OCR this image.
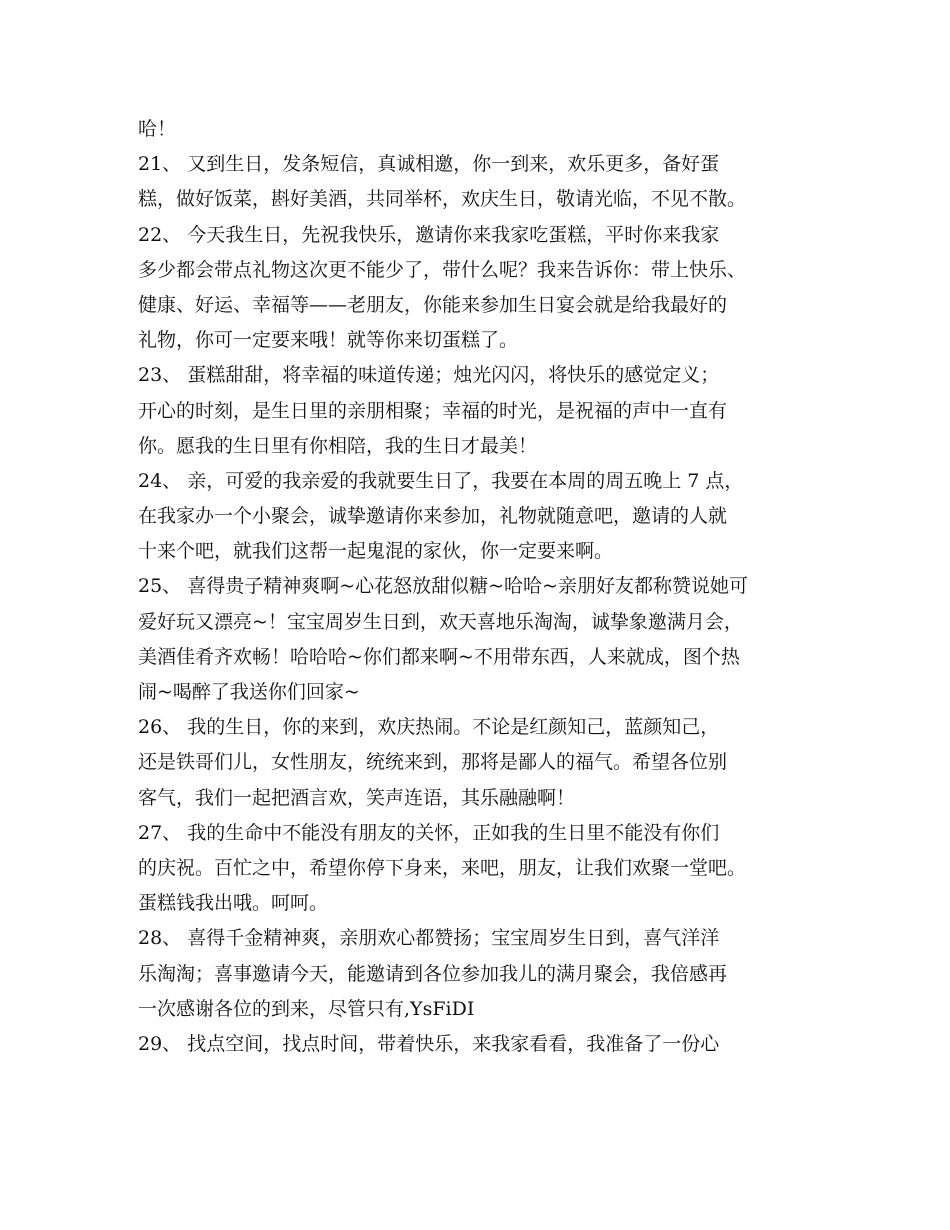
哈！
21、 又到生日，发条短信，真诚相邀，你一到来，欢乐更多，备好蛋
糕，做好饭菜，斟好美酒，共同举杯，欢庆生日，敬请光临，不见不散。
22、 今天我生日，先祝我快乐，邀请你来我家吃蛋糕，平时你来我家
多少都会带点礼物这次更不能少了，带什么呢？我来告诉你：带上快乐、
健康、好运、幸福等——老朋友，你能来参加生日宴会就是给我最好的
礼物，你可一定要来哦！就等你来切蛋糕了。
23、 蛋糕甜甜，将幸福的味道传递；烛光闪闪，将快乐的感觉定义；
开心的时刻，是生日里的亲朋相聚；幸福的时光，是祝福的声中一直有
你。愿我的生日里有你相陪，我的生日才最美！
24、 亲，可爱的我亲爱的我就要生日了，我要在本周的周五晚上 7 点，
在我家办一个小聚会，诚挚邀请你来参加，礼物就随意吧，邀请的人就
十来个吧，就我们这帮一起鬼混的家伙，你一定要来啊。
25、 喜得贵子精神爽啊~心花怒放甜似糖~哈哈~亲朋好友都称赞说她可
爱好玩又漂亮~！宝宝周岁生日到，欢天喜地乐淘淘，诚挚象邀满月会，
美酒佳肴齐欢畅！哈哈哈~你们都来啊~不用带东西，人来就成，图个热
闹~喝醉了我送你们回家~
26、 我的生日，你的来到，欢庆热闹。不论是红颜知己，蓝颜知己，
还是铁哥们儿，女性朋友，统统来到，那将是鄙人的福气。希望各位别
客气，我们一起把酒言欢，笑声连语，其乐融融啊！
27、 我的生命中不能没有朋友的关怀，正如我的生日里不能没有你们
的庆祝。百忙之中，希望你停下身来，来吧，朋友，让我们欢聚一堂吧。
蛋糕钱我出哦。呵呵。
28、 喜得千金精神爽，亲朋欢心都赞扬；宝宝周岁生日到，喜气洋洋
乐淘淘；喜事邀请今天，能邀请到各位参加我儿的满月聚会，我倍感再
一次感谢各位的到来，尽管只有,YsFiDI
29、 找点空间，找点时间，带着快乐，来我家看看，我准备了一份心
